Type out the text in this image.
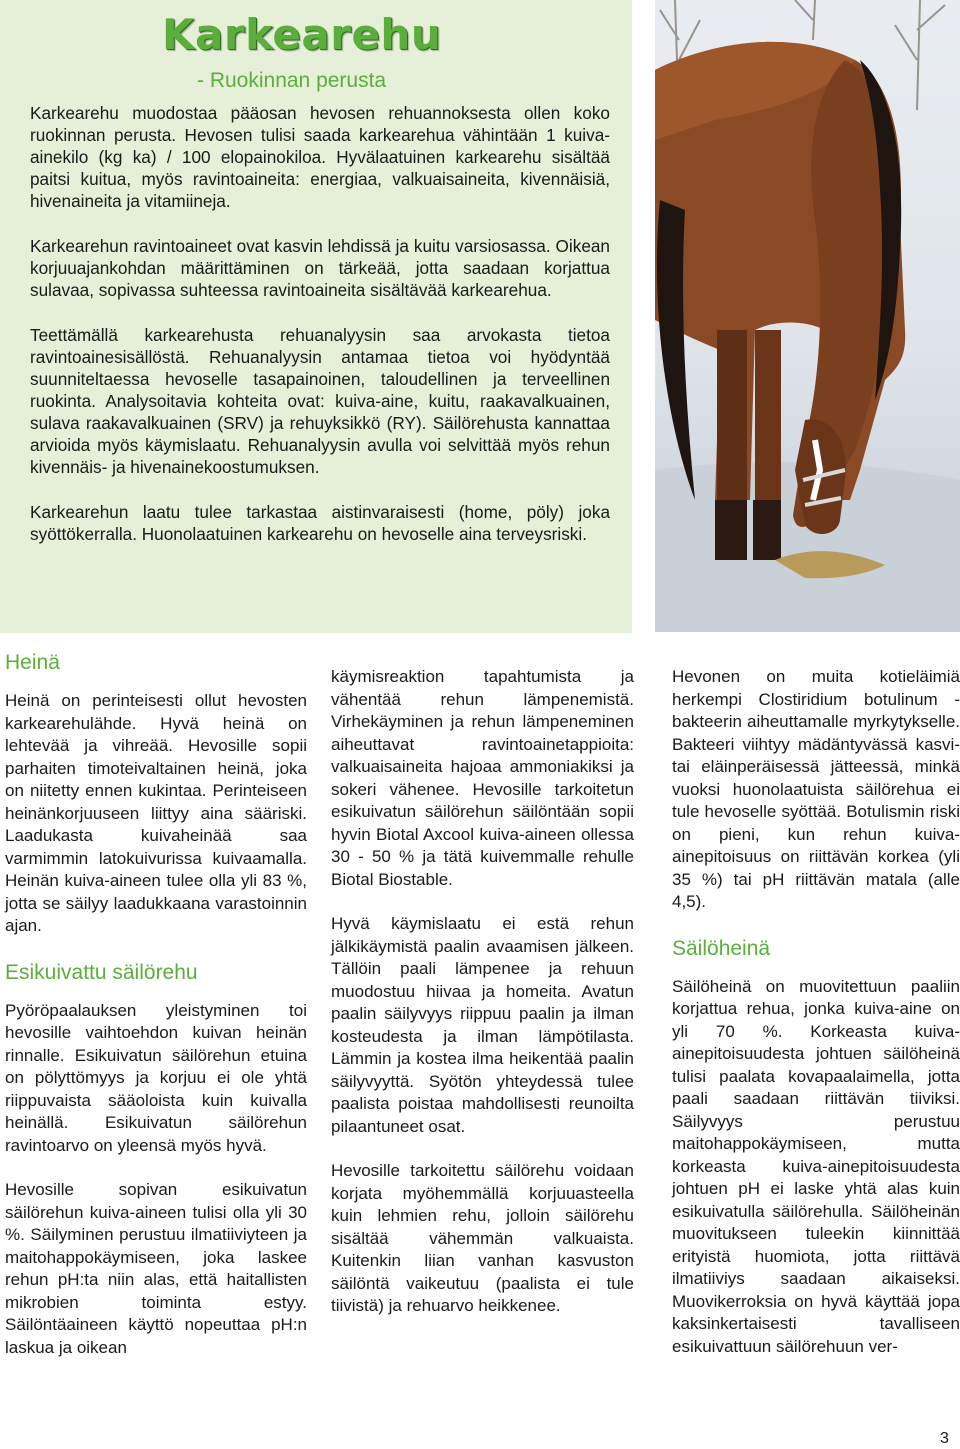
Karkearehu
- Ruokinnan perusta

Karkearehu muodostaa pääosan hevosen rehuannoksesta ollen koko ruokinnan perusta. Hevosen tulisi saada karkearehua vähintään 1 kuiva-ainekilo (kg ka) / 100 elopainokiloa. Hyvälaatuinen karkearehu sisältää paitsi kuitua, myös ravintoaineita: energiaa, valkuaisaineita, kivennäisiä, hivenaineita ja vitamiineja.

Karkearehun ravintoaineet ovat kasvin lehdissä ja kuitu varsiosassa. Oikean korjuuajankohdan määrittäminen on tärkeää, jotta saadaan korjattua sulavaa, sopivassa suhteessa ravintoaineita sisältävää karkearehua.

Teettämällä karkearehusta rehuanalyysin saa arvokasta tietoa ravintoainesisällöstä. Rehuanalyysin antamaa tietoa voi hyödyntää suunniteltaessa hevoselle tasapainoinen, taloudellinen ja terveellinen ruokinta. Analysoitavia kohteita ovat: kuiva-aine, kuitu, raakavalkuainen, sulava raakavalkuainen (SRV) ja rehuyksikkö (RY). Säilörehusta kannattaa arvioida myös käymislaatu. Rehuanalyysin avulla voi selvittää myös rehun kivennäis- ja hivenainekoostumuksen.

Karkearehun laatu tulee tarkastaa aistinvaraisesti (home, pöly) joka syöttökerralla. Huonolaatuinen karkearehu on hevoselle aina terveysriski.

Heinä

Heinä on perinteisesti ollut hevosten karkearehulähde. Hyvä heinä on lehtevää ja vihreää. Hevosille sopii parhaiten timoteivaltainen heinä, joka on niitetty ennen kukintaa. Perinteiseen heinänkorjuuseen liittyy aina sääriski. Laadukasta kuivaheinää saa varmimmin latokuivurissa kuivaamalla. Heinän kuiva-aineen tulee olla yli 83 %, jotta se säilyy laadukkaana varastoinnin ajan.

Esikuivattu säilörehu

Pyöröpaalauksen yleistyminen toi hevosille vaihtoehdon kuivan heinän rinnalle. Esikuivatun säilörehun etuina on pölyttömyys ja korjuu ei ole yhtä riippuvaista sääoloista kuin kuivalla heinällä. Esikuivatun säilörehun ravintoarvo on yleensä myös hyvä.

Hevosille sopivan esikuivatun säilörehun kuiva-aineen tulisi olla yli 30 %. Säilyminen perustuu ilmatiiviyteen ja maitohappokäymiseen, joka laskee rehun pH:ta niin alas, että haitallisten mikrobien toiminta estyy. Säilöntäaineen käyttö nopeuttaa pH:n laskua ja oikean

käymisreaktion tapahtumista ja vähentää rehun lämpenemistä. Virhekäyminen ja rehun lämpeneminen aiheuttavat ravintoainetappioita: valkuaisaineita hajoaa ammoniakiksi ja sokeri vähenee. Hevosille tarkoitetun esikuivatun säilörehun säilöntään sopii hyvin Biotal Axcool kuiva-aineen ollessa 30 - 50 % ja tätä kuivemmalle rehulle Biotal Biostable.

Hyvä käymislaatu ei estä rehun jälkikäymistä paalin avaamisen jälkeen. Tällöin paali lämpenee ja rehuun muodostuu hiivaa ja homeita. Avatun paalin säilyvyys riippuu paalin ja ilman kosteudesta ja ilman lämpötilasta. Lämmin ja kostea ilma heikentää paalin säilyvyyttä. Syötön yhteydessä tulee paalista poistaa mahdollisesti reunoilta pilaantuneet osat.

Hevosille tarkoitettu säilörehu voidaan korjata myöhemmällä korjuuasteella kuin lehmien rehu, jolloin säilörehu sisältää vähemmän valkuaista. Kuitenkin liian vanhan kasvuston säilöntä vaikeutuu (paalista ei tule tiivistä) ja rehuarvo heikkenee.

Hevonen on muita kotieläimiä herkempi Clostiridium botulinum -bakteerin aiheuttamalle myrkytykselle. Bakteeri viihtyy mädäntyvässä kasvi- tai eläinperäisessä jätteessä, minkä vuoksi huonolaatuista säilörehua ei tule hevoselle syöttää. Botulismin riski on pieni, kun rehun kuiva-ainepitoisuus on riittävän korkea (yli 35 %) tai pH riittävän matala (alle 4,5).

Säilöheinä

Säilöheinä on muovitettuun paaliin korjattua rehua, jonka kuiva-aine on yli 70 %. Korkeasta kuiva-ainepitoisuudesta johtuen säilöheinä tulisi paalata kovapaalaimella, jotta paali saadaan riittävän tiiviksi. Säilyvyys perustuu maitohappokäymiseen, mutta korkeasta kuiva-ainepitoisuudesta johtuen pH ei laske yhtä alas kuin esikuivatulla säilörehulla. Säilöheinän muovitukseen tuleekin kiinnittää erityistä huomiota, jotta riittävä ilmatiiviys saadaan aikaiseksi. Muovikerroksia on hyvä käyttää jopa kaksinkertaisesti tavalliseen esikuivattuun säilörehuun ver-

3
